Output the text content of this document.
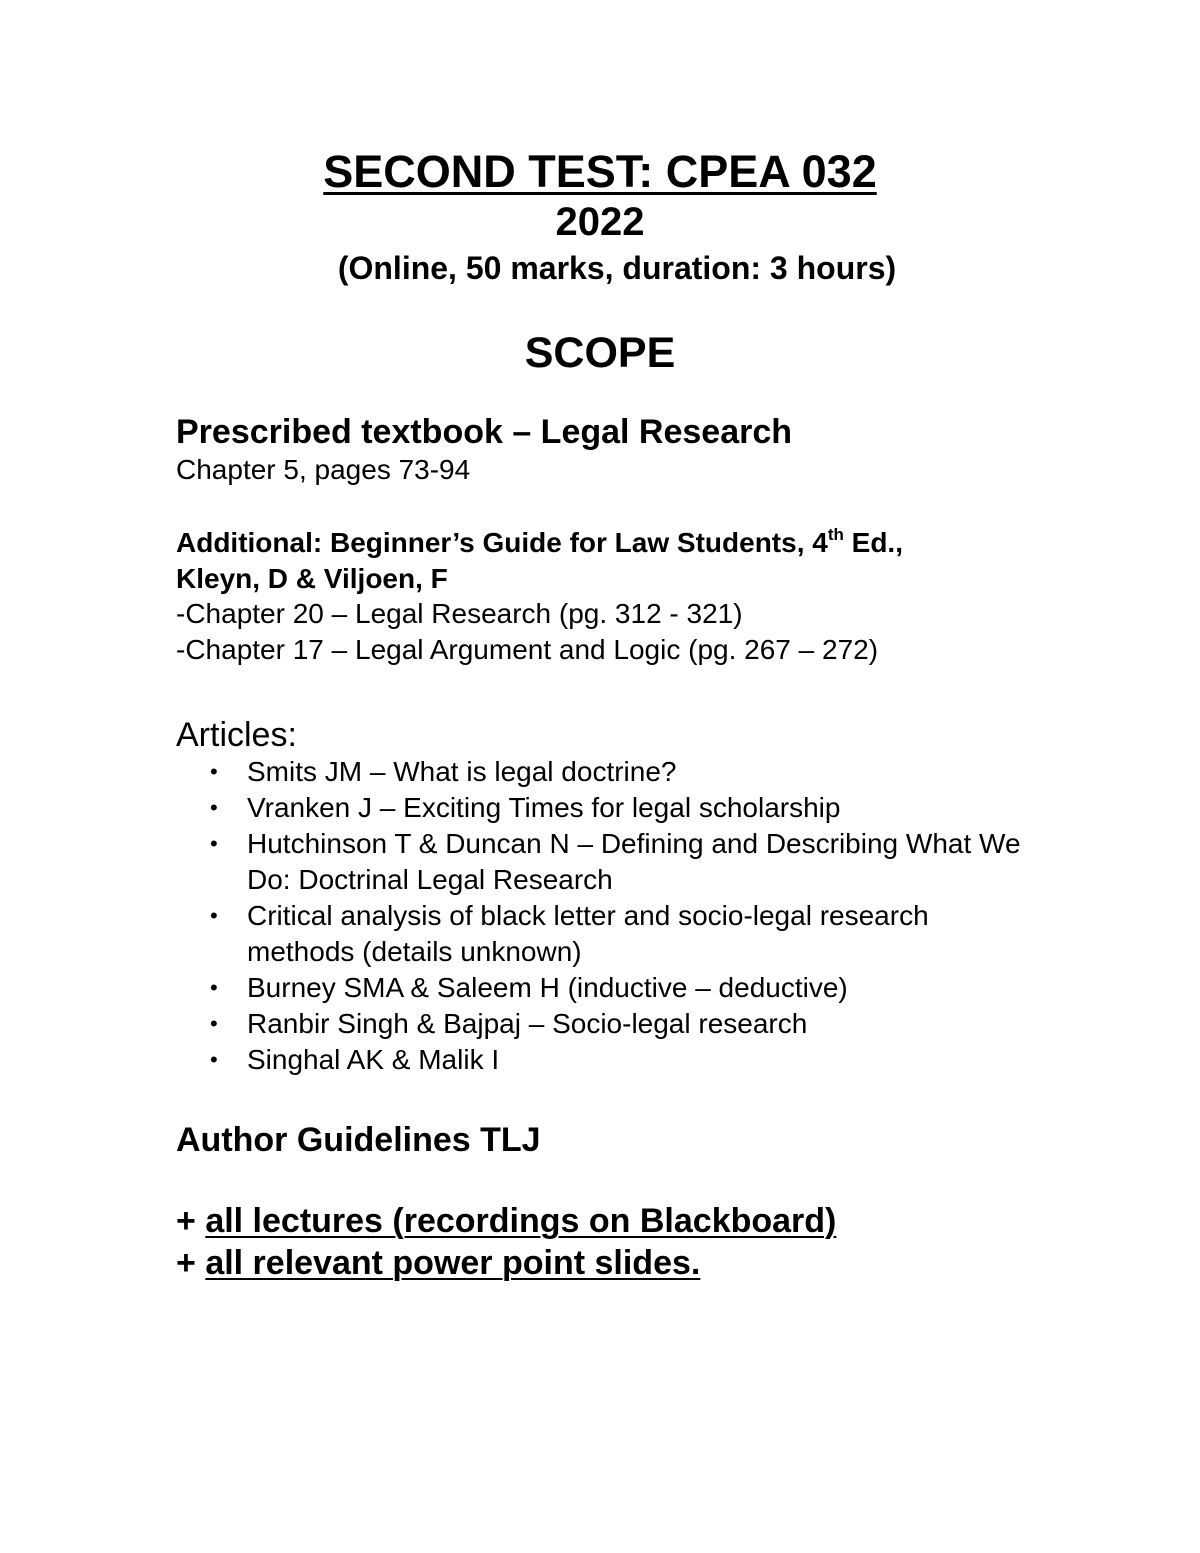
SECOND TEST: CPEA 032
2022
(Online, 50 marks, duration: 3 hours)
SCOPE
Prescribed textbook – Legal Research
Chapter 5, pages 73-94
Additional: Beginner’s Guide for Law Students, 4th Ed.,
Kleyn, D & Viljoen, F
-Chapter 20 – Legal Research (pg. 312 - 321)
-Chapter 17 – Legal Argument and Logic (pg. 267 – 272)
Articles:
• Smits JM – What is legal doctrine?
• Vranken J – Exciting Times for legal scholarship
• Hutchinson T & Duncan N – Defining and Describing What We Do: Doctrinal Legal Research
• Critical analysis of black letter and socio-legal research methods (details unknown)
• Burney SMA & Saleem H (inductive – deductive)
• Ranbir Singh & Bajpaj – Socio-legal research
• Singhal AK & Malik I
Author Guidelines TLJ
+ all lectures (recordings on Blackboard)
+ all relevant power point slides.
